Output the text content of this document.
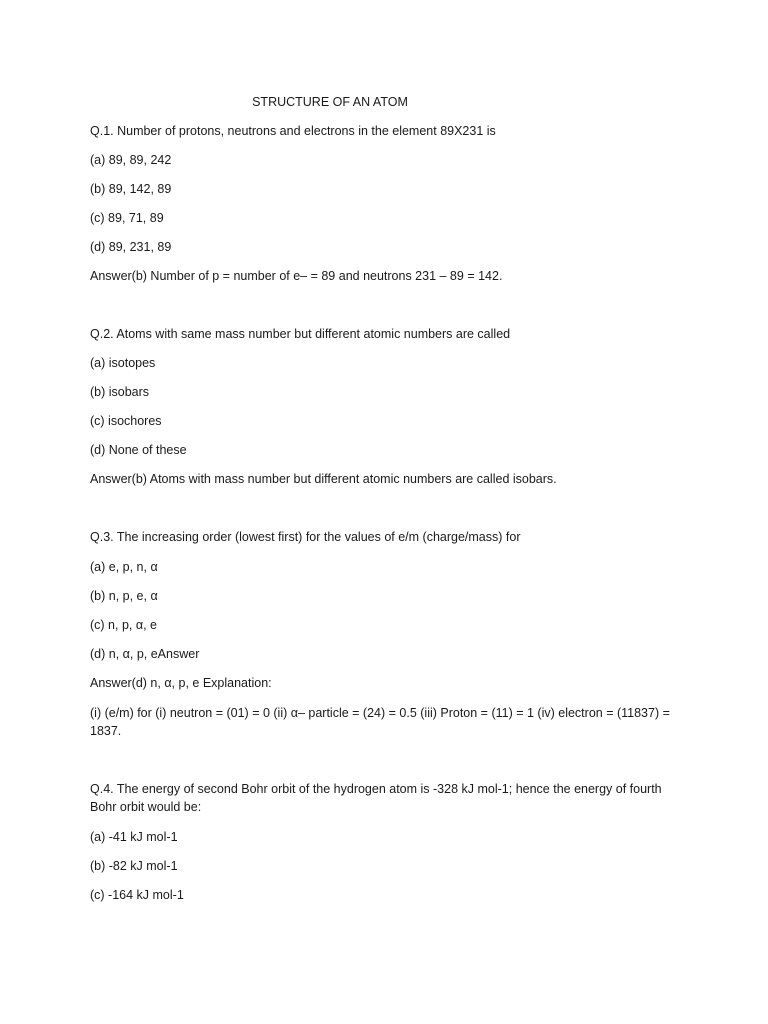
STRUCTURE OF AN ATOM
Q.1. Number of protons, neutrons and electrons in the element 89X231 is
(a) 89, 89, 242
(b) 89, 142, 89
(c) 89, 71, 89
(d) 89, 231, 89
Answer(b) Number of p = number of e– = 89 and neutrons 231 – 89 = 142.
Q.2. Atoms with same mass number but different atomic numbers are called
(a) isotopes
(b) isobars
(c) isochores
(d) None of these
Answer(b) Atoms with mass number but different atomic numbers are called isobars.
Q.3. The increasing order (lowest first) for the values of e/m (charge/mass) for
(a) e, p, n, α
(b) n, p, e, α
(c) n, p, α, e
(d) n, α, p, eAnswer
Answer(d) n, α, p, e Explanation:
(i) (e/m) for (i) neutron = (01) = 0 (ii) α– particle = (24) = 0.5 (iii) Proton = (11) = 1 (iv) electron = (11837) = 1837.
Q.4. The energy of second Bohr orbit of the hydrogen atom is -328 kJ mol-1; hence the energy of fourth Bohr orbit would be:
(a) -41 kJ mol-1
(b) -82 kJ mol-1
(c) -164 kJ mol-1
